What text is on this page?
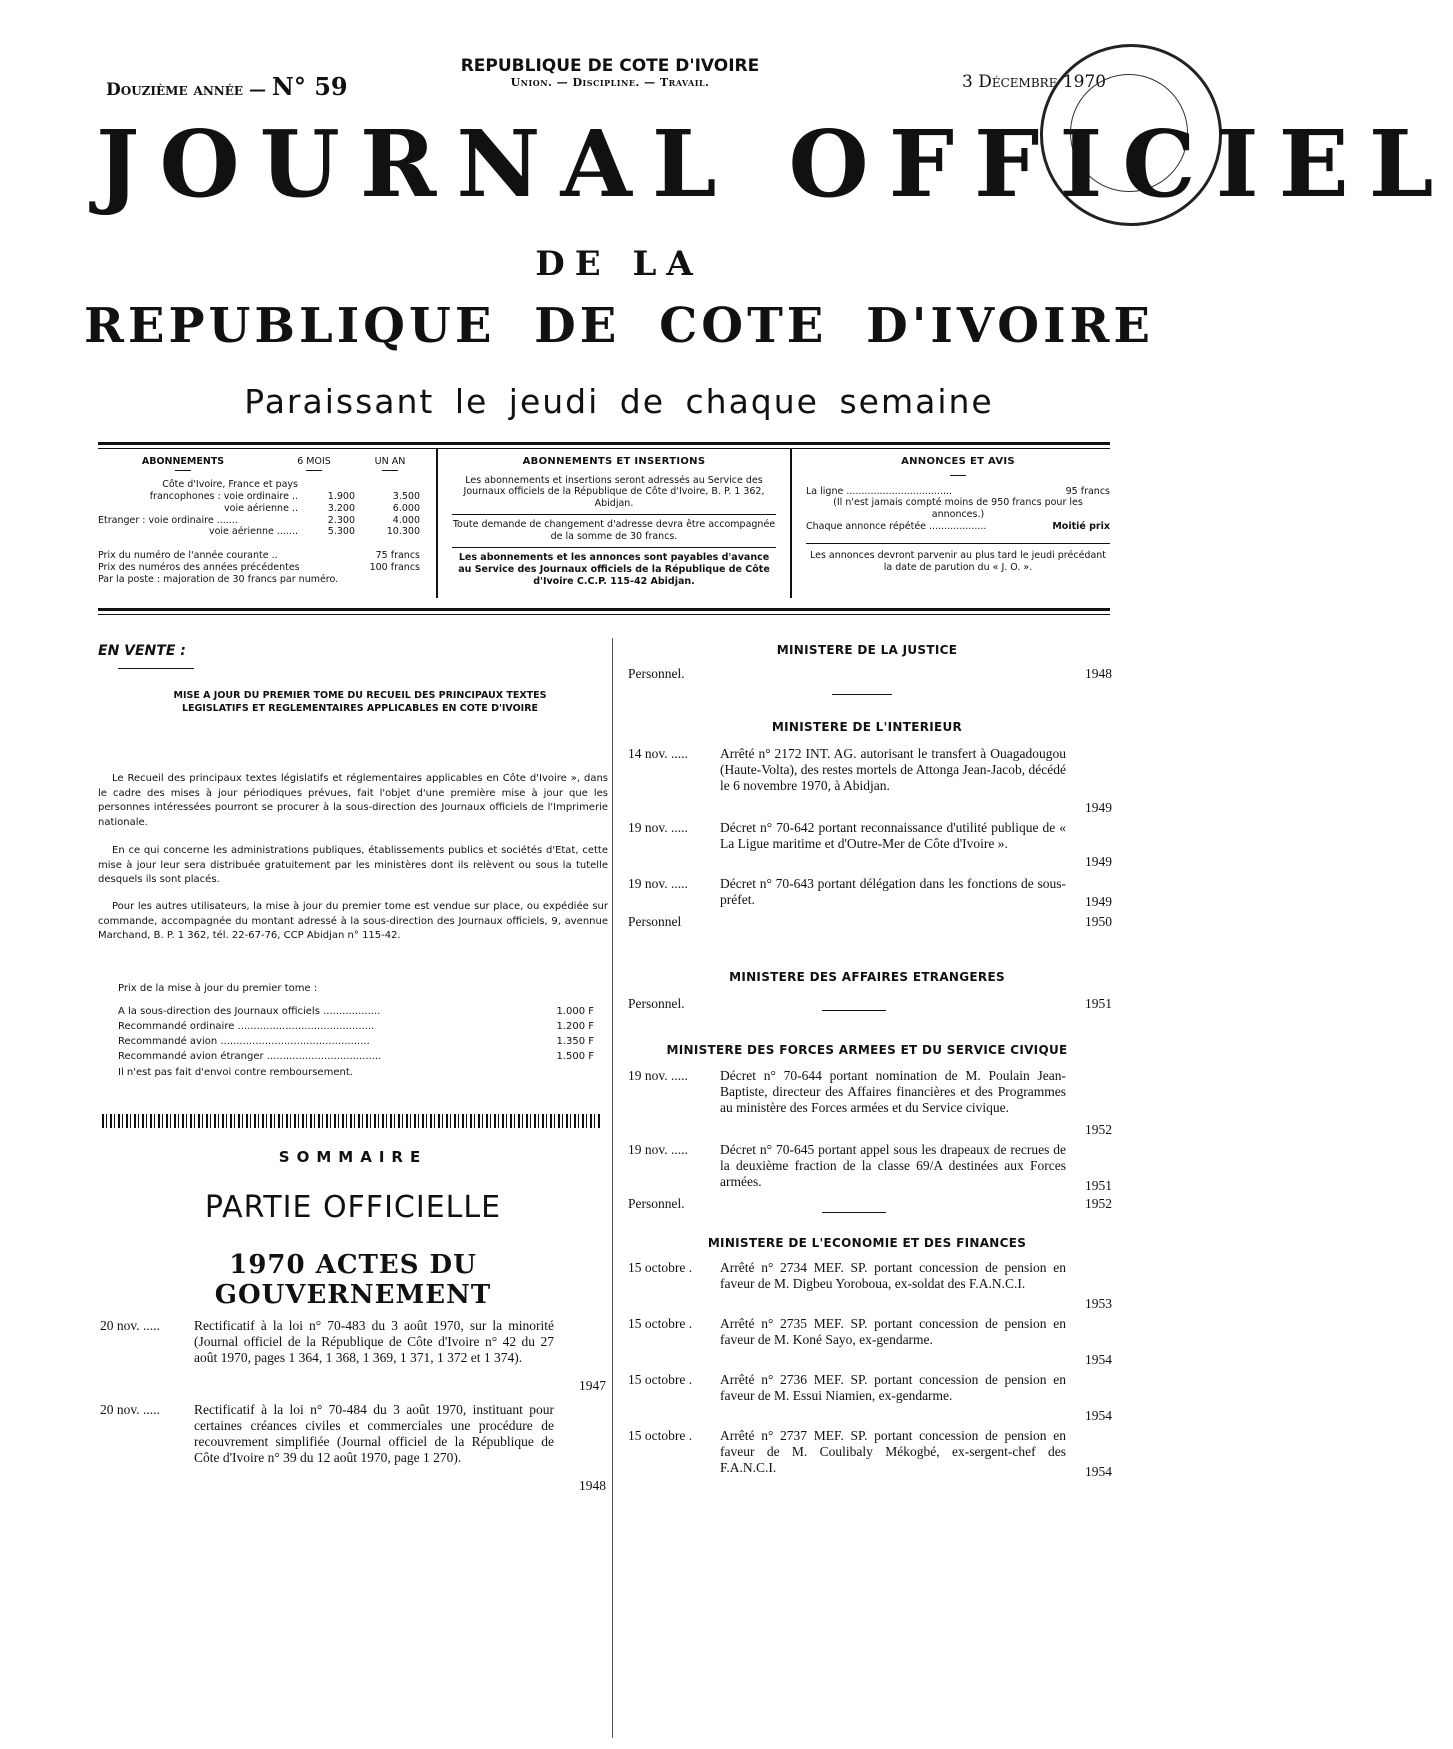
Douzième année — N° 59
REPUBLIQUE DE COTE D'IVOIRE
Union. — Discipline. — Travail.	3 Décembre 1970
JOURNAL OFFICIEL
DE LA
REPUBLIQUE DE COTE D'IVOIRE
Paraissant le jeudi de chaque semaine
ABONNEMENTS	6 MOIS	UN AN
Côte d'Ivoire, France et pays
francophones : voie ordinaire ..	1.900	3.500
voie aérienne ..	3.200	6.000
Etranger : voie ordinaire .......	2.300	4.000
voie aérienne .......	5.300	10.300
Prix du numéro de l'année courante ..	75 francs
Prix des numéros des années précédentes	100 francs
Par la poste : majoration de 30 francs par numéro.
ABONNEMENTS ET INSERTIONS
Les abonnements et insertions seront adressés au Service des Journaux officiels de la République de Côte d'Ivoire, B. P. 1 362, Abidjan.
Toute demande de changement d'adresse devra être accompagnée de la somme de 30 francs.
Les abonnements et les annonces sont payables d'avance au Service des Journaux officiels de la République de Côte d'Ivoire C.C.P. 115-42 Abidjan.
ANNONCES ET AVIS
La ligne ...................................	95 francs
(Il n'est jamais compté moins de 950 francs pour les annonces.)
Chaque annonce répétée ...................	Moitié prix
Les annonces devront parvenir au plus tard le jeudi précédant la date de parution du « J. O. ».
EN VENTE :
MISE A JOUR DU PREMIER TOME DU RECUEIL DES PRINCIPAUX TEXTES LEGISLATIFS ET REGLEMENTAIRES APPLICABLES EN COTE D'IVOIRE
Le Recueil des principaux textes législatifs et réglementaires applicables en Côte d'Ivoire », dans le cadre des mises à jour périodiques prévues, fait l'objet d'une première mise à jour que les personnes intéressées pourront se procurer à la sous-direction des Journaux officiels de l'Imprimerie nationale.
En ce qui concerne les administrations publiques, établissements publics et sociétés d'Etat, cette mise à jour leur sera distribuée gratuitement par les ministères dont ils relèvent ou sous la tutelle desquels ils sont placés.
Pour les autres utilisateurs, la mise à jour du premier tome est vendue sur place, ou expédiée sur commande, accompagnée du montant adressé à la sous-direction des Journaux officiels, 9, avennue Marchand, B. P. 1 362, tél. 22-67-76, CCP Abidjan n° 115-42.
Prix de la mise à jour du premier tome :
A la sous-direction des Journaux officiels ..................	1.000 F
Recommandé ordinaire ...........................................	1.200 F
Recommandé avion ...............................................	1.350 F
Recommandé avion étranger ....................................	1.500 F
Il n'est pas fait d'envoi contre remboursement.
SOMMAIRE
PARTIE OFFICIELLE
1970 ACTES DU GOUVERNEMENT
20 nov. .....	Rectificatif à la loi n° 70-483 du 3 août 1970, sur la minorité (Journal officiel de la République de Côte d'Ivoire n° 42 du 27 août 1970, pages 1 364, 1 368, 1 369, 1 371, 1 372 et 1 374).
1947
20 nov. .....	Rectificatif à la loi n° 70-484 du 3 août 1970, instituant pour certaines créances civiles et commerciales une procédure de recouvrement simplifiée (Journal officiel de la République de Côte d'Ivoire n° 39 du 12 août 1970, page 1 270).
1948
MINISTERE DE LA JUSTICE
Personnel.	1948
MINISTERE DE L'INTERIEUR
14 nov. ..... Arrêté n° 2172 INT. AG. autorisant le transfert à Ouagadougou (Haute-Volta), des restes mortels de Attonga Jean-Jacob, décédé le 6 novembre 1970, à Abidjan.
1949
19 nov. ..... Décret n° 70-642 portant reconnaissance d'utilité publique de « La Ligue maritime et d'Outre-Mer de Côte d'Ivoire ».
1949
19 nov. ..... Décret n° 70-643 portant délégation dans les fonctions de sous-préfet.	1949
Personnel	1950
MINISTERE DES AFFAIRES ETRANGERES
Personnel.	1951
MINISTERE DES FORCES ARMEES ET DU SERVICE CIVIQUE
19 nov. ..... Décret n° 70-644 portant nomination de M. Poulain Jean-Baptiste, directeur des Affaires financières et des Programmes au ministère des Forces armées et du Service civique.
1952
19 nov. ..... Décret n° 70-645 portant appel sous les drapeaux de recrues de la deuxième fraction de la classe 69/A destinées aux Forces armées.	1951
Personnel.	1952
MINISTERE DE L'ECONOMIE ET DES FINANCES
15 octobre . Arrêté n° 2734 MEF. SP. portant concession de pension en faveur de M. Digbeu Yoroboua, ex-soldat des F.A.N.C.I.
1953
15 octobre . Arrêté n° 2735 MEF. SP. portant concession de pension en faveur de M. Koné Sayo, ex-gendarme.
1954
15 octobre . Arrêté n° 2736 MEF. SP. portant concession de pension en faveur de M. Essui Niamien, ex-gendarme.
1954
15 octobre . Arrêté n° 2737 MEF. SP. portant concession de pension en faveur de M. Coulibaly Mékogbé, ex-sergent-chef des F.A.N.C.I.	1954
